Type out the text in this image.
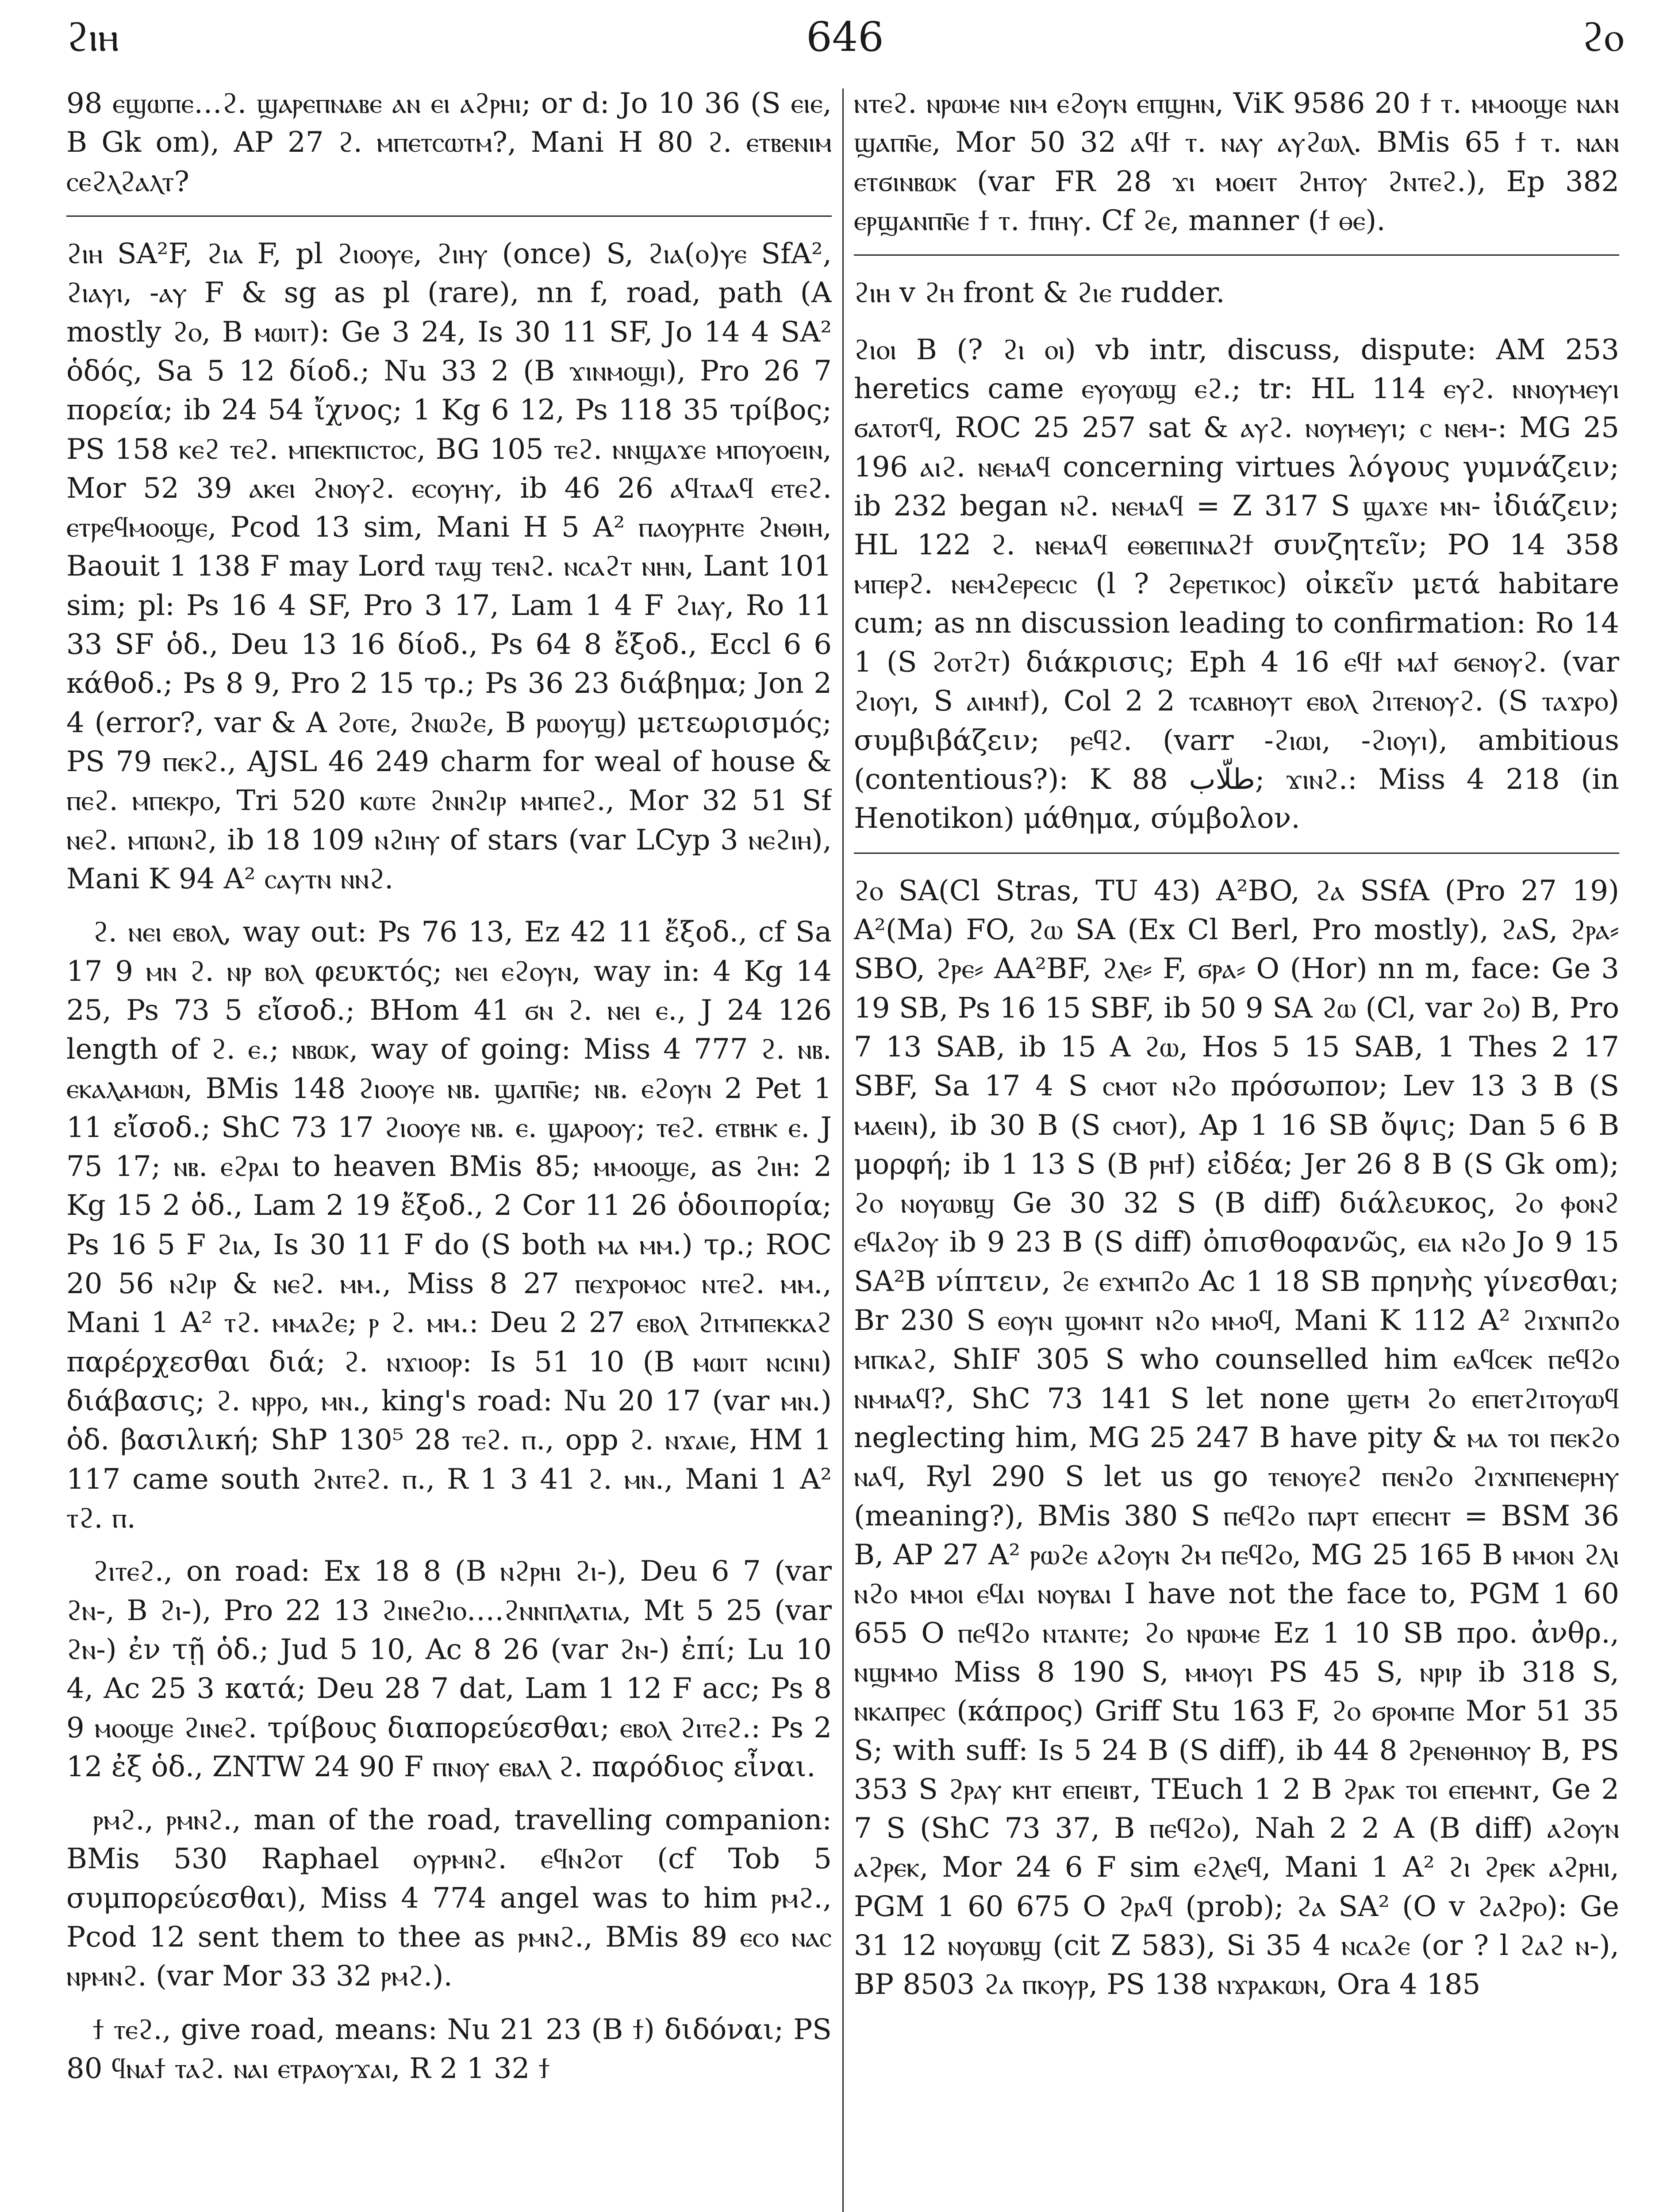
ϩⲓⲏ	646	ϩⲟ

98 ⲉϣⲱⲡⲉ…ϩ. ϣⲁⲣⲉⲡⲛⲁⲃⲉ ⲁⲛ ⲉⲓ ⲁϩⲣⲏⲓ; or d: Jo 10 36 (S ⲉⲓⲉ, B Gk om), AP 27 ϩ. ⲙⲡⲉⲧⲥⲱⲧⲙ?, Mani H 80 ϩ. ⲉⲧⲃⲉⲛⲓⲙ ⲥⲉϩⲗϩⲁⲗⲧ?

ϩⲓⲏ SA²F, ϩⲓⲁ F, pl ϩⲓⲟⲟⲩⲉ, ϩⲓⲏⲩ (once) S, ϩⲓⲁ(ⲟ)ⲩⲉ SfA², ϩⲓⲁⲩⲓ, -ⲁⲩ F & sg as pl (rare), nn f, road, path (A mostly ϩⲟ, B ⲙⲱⲓⲧ): Ge 3 24, Is 30 11 SF, Jo 14 4 SA² ὁδός, Sa 5 12 δίοδ.; Nu 33 2 (B ϫⲓⲛⲙⲟϣⲓ), Pro 26 7 πορεία; ib 24 54 ἴχνος; 1 Kg 6 12, Ps 118 35 τρίβος; PS 158 ⲕⲉϩ ⲧⲉϩ. ⲙⲡⲉⲕⲡⲓⲥⲧⲟⲥ, BG 105 ⲧⲉϩ. ⲛⲛϣⲁϫⲉ ⲙⲡⲟⲩⲟⲉⲓⲛ, Mor 52 39 ⲁⲕⲉⲓ ϩⲛⲟⲩϩ. ⲉⲥⲟⲩⲏⲩ, ib 46 26 ⲁϥⲧⲁⲁϥ ⲉⲧⲉϩ. ⲉⲧⲣⲉϥⲙⲟⲟϣⲉ, Pcod 13 sim, Mani H 5 A² ⲡⲁⲟⲩⲣⲏⲧⲉ ϩⲛⲑⲓⲏ, Baouit 1 138 F may Lord ⲧⲁϣ ⲧⲉⲛϩ. ⲛⲥⲁϩⲧ ⲛⲏⲛ, Lant 101 sim; pl: Ps 16 4 SF, Pro 3 17, Lam 1 4 F ϩⲓⲁⲩ, Ro 11 33 SF ὁδ., Deu 13 16 δίοδ., Ps 64 8 ἔξοδ., Eccl 6 6 κάθοδ.; Ps 8 9, Pro 2 15 τρ.; Ps 36 23 διάβημα; Jon 2 4 (error?, var & A ϩⲟⲧⲉ, ϩⲛⲱϩⲉ, B ⲣⲱⲟⲩϣ) μετεωρισμός; PS 79 ⲡⲉⲕϩ., AJSL 46 249 charm for weal of house & ⲡⲉϩ. ⲙⲡⲉⲕⲣⲟ, Tri 520 ⲕⲱⲧⲉ ϩⲛⲛϩⲓⲣ ⲙⲙⲡⲉϩ., Mor 32 51 Sf ⲛⲉϩ. ⲙⲡⲱⲛϩ, ib 18 109 ⲛϩⲓⲏⲩ of stars (var LCyp 3 ⲛⲉϩⲓⲏ), Mani K 94 A² ⲥⲁⲩⲧⲛ ⲛⲛϩ.

ϩ. ⲛⲉⲓ ⲉⲃⲟⲗ, way out: Ps 76 13, Ez 42 11 ἔξοδ., cf Sa 17 9 ⲙⲛ ϩ. ⲛⲣ ⲃⲟⲗ φευκτός; ⲛⲉⲓ ⲉϩⲟⲩⲛ, way in: 4 Kg 14 25, Ps 73 5 εἴσοδ.; BHom 41 ϭⲛ ϩ. ⲛⲉⲓ ⲉ., J 24 126 length of ϩ. ⲉ.; ⲛⲃⲱⲕ, way of going: Miss 4 777 ϩ. ⲛⲃ. ⲉⲕⲁⲗⲁⲙⲱⲛ, BMis 148 ϩⲓⲟⲟⲩⲉ ⲛⲃ. ϣⲁⲡⲛ̄ⲉ; ⲛⲃ. ⲉϩⲟⲩⲛ 2 Pet 1 11 εἴσοδ.; ShC 73 17 ϩⲓⲟⲟⲩⲉ ⲛⲃ. ⲉ. ϣⲁⲣⲟⲟⲩ; ⲧⲉϩ. ⲉⲧⲃⲏⲕ ⲉ. J 75 17; ⲛⲃ. ⲉϩⲣⲁⲓ to heaven BMis 85; ⲙⲙⲟⲟϣⲉ, as ϩⲓⲏ: 2 Kg 15 2 ὁδ., Lam 2 19 ἔξοδ., 2 Cor 11 26 ὁδοιπορία; Ps 16 5 F ϩⲓⲁ, Is 30 11 F do (S both ⲙⲁ ⲙⲙ.) τρ.; ROC 20 56 ⲛϩⲓⲣ & ⲛⲉϩ. ⲙⲙ., Miss 8 27 ⲡⲉϫⲣⲟⲙⲟⲥ ⲛⲧⲉϩ. ⲙⲙ., Mani 1 A² ⲧϩ. ⲙⲙⲁϩⲉ; ⲣ ϩ. ⲙⲙ.: Deu 2 27 ⲉⲃⲟⲗ ϩⲓⲧⲙⲡⲉⲕⲕⲁϩ παρέρχεσθαι διά; ϩ. ⲛϫⲓⲟⲟⲣ: Is 51 10 (B ⲙⲱⲓⲧ ⲛⲥⲓⲛⲓ) διάβασις; ϩ. ⲛⲣⲣⲟ, ⲙⲛ., king's road: Nu 20 17 (var ⲙⲛ.) ὁδ. βασιλική; ShP 130⁵ 28 ⲧⲉϩ. ⲡ., opp ϩ. ⲛϫⲁⲓⲉ, HM 1 117 came south ϩⲛⲧⲉϩ. ⲡ., R 1 3 41 ϩ. ⲙⲛ., Mani 1 A² ⲧϩ. ⲡ.

ϩⲓⲧⲉϩ., on road: Ex 18 8 (B ⲛϩⲣⲏⲓ ϩⲓ-), Deu 6 7 (var ϩⲛ-, B ϩⲓ-), Pro 22 13 ϩⲓⲛⲉϩⲓⲟ….ϩⲛⲛⲡⲗⲁⲧⲓⲁ, Mt 5 25 (var ϩⲛ-) ἐν τῇ ὁδ.; Jud 5 10, Ac 8 26 (var ϩⲛ-) ἐπί; Lu 10 4, Ac 25 3 κατά; Deu 28 7 dat, Lam 1 12 F acc; Ps 8 9 ⲙⲟⲟϣⲉ ϩⲓⲛⲉϩ. τρίβους διαπορεύεσθαι; ⲉⲃⲟⲗ ϩⲓⲧⲉϩ.: Ps 2 12 ἐξ ὁδ., ZNTW 24 90 F ⲡⲛⲟⲩ ⲉⲃⲁⲗ ϩ. παρόδιος εἶναι.

ⲣⲙϩ., ⲣⲙⲛϩ., man of the road, travelling companion: BMis 530 Raphael ⲟⲩⲣⲙⲛϩ. ⲉϥⲛϩⲟⲧ (cf Tob 5 συμπορεύεσθαι), Miss 4 774 angel was to him ⲣⲙϩ., Pcod 12 sent them to thee as ⲣⲙⲛϩ., BMis 89 ⲉⲥⲟ ⲛⲁⲥ ⲛⲣⲙⲛϩ. (var Mor 33 32 ⲣⲙϩ.).

ϯ ⲧⲉϩ., give road, means: Nu 21 23 (B ϯ) διδόναι; PS 80 ϥⲛⲁϯ ⲧⲁϩ. ⲛⲁⲓ ⲉⲧⲣⲁⲟⲩϫⲁⲓ, R 2 1 32 ϯ

ⲛⲧⲉϩ. ⲛⲣⲱⲙⲉ ⲛⲓⲙ ⲉϩⲟⲩⲛ ⲉⲡϣⲏⲛ, ViK 9586 20 ϯ ⲧ. ⲙⲙⲟⲟϣⲉ ⲛⲁⲛ ϣⲁⲡⲛ̄ⲉ, Mor 50 32 ⲁϥϯ ⲧ. ⲛⲁⲩ ⲁⲩϩⲱⲗ. BMis 65 ϯ ⲧ. ⲛⲁⲛ ⲉⲧϭⲓⲛⲃⲱⲕ (var FR 28 ϫⲓ ⲙⲟⲉⲓⲧ ϩⲏⲧⲟⲩ ϩⲛⲧⲉϩ.), Ep 382 ⲉⲣϣⲁⲛⲡⲛ̄ⲉ ϯ ⲧ. ϯⲡⲏⲩ. Cf ϩⲉ, manner (ϯ ⲑⲉ).

ϩⲓⲏ v ϩⲏ front & ϩⲓⲉ rudder.

ϩⲓⲟⲓ B (? ϩⲓ ⲟⲓ) vb intr, discuss, dispute: AM 253 heretics came ⲉⲩⲟⲩⲱϣ ⲉϩ.; tr: HL 114 ⲉⲩϩ. ⲛⲛⲟⲩⲙⲉⲩⲓ ϭⲁⲧⲟⲧϥ, ROC 25 257 sat & ⲁⲩϩ. ⲛⲟⲩⲙⲉⲩⲓ; ⲥ ⲛⲉⲙ-: MG 25 196 ⲁⲓϩ. ⲛⲉⲙⲁϥ concerning virtues λόγους γυμνάζειν; ib 232 began ⲛϩ. ⲛⲉⲙⲁϥ = Z 317 S ϣⲁϫⲉ ⲙⲛ- ἰδιάζειν; HL 122 ϩ. ⲛⲉⲙⲁϥ ⲉⲑⲃⲉⲡⲓⲛⲁϩϯ συνζητεῖν; PO 14 358 ⲙⲡⲉⲣϩ. ⲛⲉⲙϩⲉⲣⲉⲥⲓⲥ (l ? ϩⲉⲣⲉⲧⲓⲕⲟⲥ) οἰκεῖν μετά habitare cum; as nn discussion leading to confirmation: Ro 14 1 (S ϩⲟⲧϩⲧ) διάκρισις; Eph 4 16 ⲉϥϯ ⲙⲁϯ ϭⲉⲛⲟⲩϩ. (var ϩⲓⲟⲩⲓ, S ⲁⲓⲙⲛϯ), Col 2 2 ⲧⲥⲁⲃⲏⲟⲩⲧ ⲉⲃⲟⲗ ϩⲓⲧⲉⲛⲟⲩϩ. (S ⲧⲁϫⲣⲟ) συμβιβάζειν; ⲣⲉϥϩ. (varr -ϩⲓⲱⲓ, -ϩⲓⲟⲩⲓ), ambitious (contentious?): K 88 طلّاب; ϫⲓⲛϩ.: Miss 4 218 (in Henotikon) μάθημα, σύμβολον.

ϩⲟ SA(Cl Stras, TU 43) A²BO, ϩⲁ SSfA (Pro 27 19) A²(Ma) FO, ϩⲱ SA (Ex Cl Berl, Pro mostly), ϩⲁS, ϩⲣⲁ⸗ SBO, ϩⲣⲉ⸗ AA²BF, ϩⲗⲉ⸗ F, ϭⲣⲁ⸗ O (Hor) nn m, face: Ge 3 19 SB, Ps 16 15 SBF, ib 50 9 SA ϩⲱ (Cl, var ϩⲟ) B, Pro 7 13 SAB, ib 15 A ϩⲱ, Hos 5 15 SAB, 1 Thes 2 17 SBF, Sa 17 4 S ⲥⲙⲟⲧ ⲛϩⲟ πρόσωπον; Lev 13 3 B (S ⲙⲁⲉⲓⲛ), ib 30 B (S ⲥⲙⲟⲧ), Ap 1 16 SB ὄψις; Dan 5 6 B μορφή; ib 1 13 S (B ⲣⲏϯ) εἰδέα; Jer 26 8 B (S Gk om); ϩⲟ ⲛⲟⲩⲱⲃϣ Ge 30 32 S (B diff) διάλευκος, ϩⲟ ⲫⲟⲛϩ ⲉϥⲁϩⲟⲩ ib 9 23 B (S diff) ὀπισθοφανῶς, ⲉⲓⲁ ⲛϩⲟ Jo 9 15 SA²B νίπτειν, ϩⲉ ⲉϫⲙⲡϩⲟ Ac 1 18 SB πρηνὴς γίνεσθαι; Br 230 S ⲉⲟⲩⲛ ϣⲟⲙⲛⲧ ⲛϩⲟ ⲙⲙⲟϥ, Mani K 112 A² ϩⲓϫⲛⲡϩⲟ ⲙⲡⲕⲁϩ, ShIF 305 S who counselled him ⲉⲁϥⲥⲉⲕ ⲡⲉϥϩⲟ ⲛⲙⲙⲁϥ?, ShC 73 141 S let none ϣⲉⲧⲙ ϩⲟ ⲉⲡⲉⲧϩⲓⲧⲟⲩⲱϥ neglecting him, MG 25 247 B have pity & ⲙⲁ ⲧⲟⲓ ⲡⲉⲕϩⲟ ⲛⲁϥ, Ryl 290 S let us go ⲧⲉⲛⲟⲩⲉϩ ⲡⲉⲛϩⲟ ϩⲓϫⲛⲡⲉⲛⲉⲣⲏⲩ (meaning?), BMis 380 S ⲡⲉϥϩⲟ ⲡⲁⲣⲧ ⲉⲡⲉⲥⲏⲧ = BSM 36 B, AP 27 A² ⲣⲱϩⲉ ⲁϩⲟⲩⲛ ϩⲙ ⲡⲉϥϩⲟ, MG 25 165 B ⲙⲙⲟⲛ ϩⲗⲓ ⲛϩⲟ ⲙⲙⲟⲓ ⲉϥⲁⲓ ⲛⲟⲩⲃⲁⲓ I have not the face to, PGM 1 60 655 O ⲡⲉϥϩⲟ ⲛⲧⲁⲛⲧⲉ; ϩⲟ ⲛⲣⲱⲙⲉ Ez 1 10 SB προ. ἀνθρ., ⲛϣⲙⲙⲟ Miss 8 190 S, ⲙⲙⲟⲩⲓ PS 45 S, ⲛⲣⲓⲣ ib 318 S, ⲛⲕⲁⲡⲣⲉⲥ (κάπρος) Griff Stu 163 F, ϩⲟ ϭⲣⲟⲙⲡⲉ Mor 51 35 S; with suff: Is 5 24 B (S diff), ib 44 8 ϩⲣⲉⲛⲑⲏⲛⲟⲩ B, PS 353 S ϩⲣⲁⲩ ⲕⲏⲧ ⲉⲡⲉⲓⲃⲧ, TEuch 1 2 B ϩⲣⲁⲕ ⲧⲟⲓ ⲉⲡⲉⲙⲛⲧ, Ge 2 7 S (ShC 73 37, B ⲡⲉϥϩⲟ), Nah 2 2 A (B diff) ⲁϩⲟⲩⲛ ⲁϩⲣⲉⲕ, Mor 24 6 F sim ⲉϩⲗⲉϥ, Mani 1 A² ϩⲓ ϩⲣⲉⲕ ⲁϩⲣⲏⲓ, PGM 1 60 675 O ϩⲣⲁϥ (prob); ϩⲁ SA² (O v ϩⲁϩⲣⲟ): Ge 31 12 ⲛⲟⲩⲱⲃϣ (cit Z 583), Si 35 4 ⲛⲥⲁϩⲉ (or ? l ϩⲁϩ ⲛ-), BP 8503 ϩⲁ ⲡⲕⲟⲩⲣ, PS 138 ⲛϫⲣⲁⲕⲱⲛ, Ora 4 185
